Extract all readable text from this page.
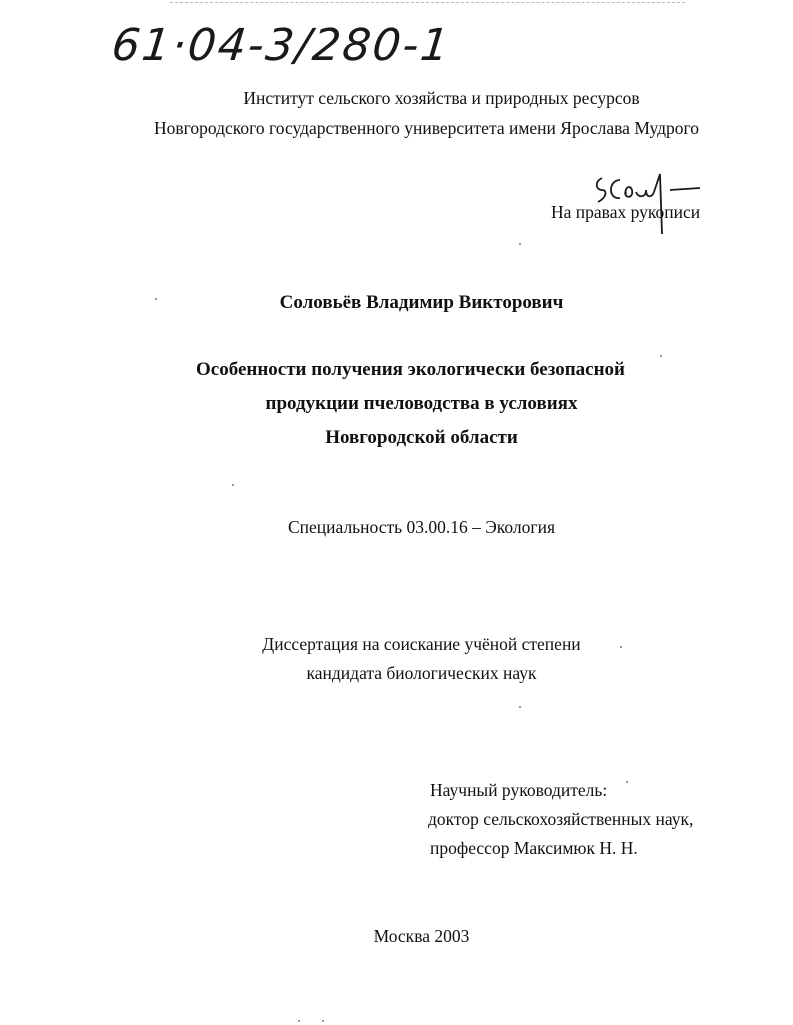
61·04-3/280-1
Институт сельского хозяйства и природных ресурсов
Новгородского государственного университета имени Ярослава Мудрого
На правах рукописи
Соловьёв Владимир Викторович
Особенности получения экологически безопасной
продукции пчеловодства в условиях
Новгородской области
Специальность 03.00.16 – Экология
Диссертация на соискание учёной степени
кандидата биологических наук
Научный руководитель:
доктор сельскохозяйственных наук,
профессор Максимюк Н. Н.
Москва 2003
